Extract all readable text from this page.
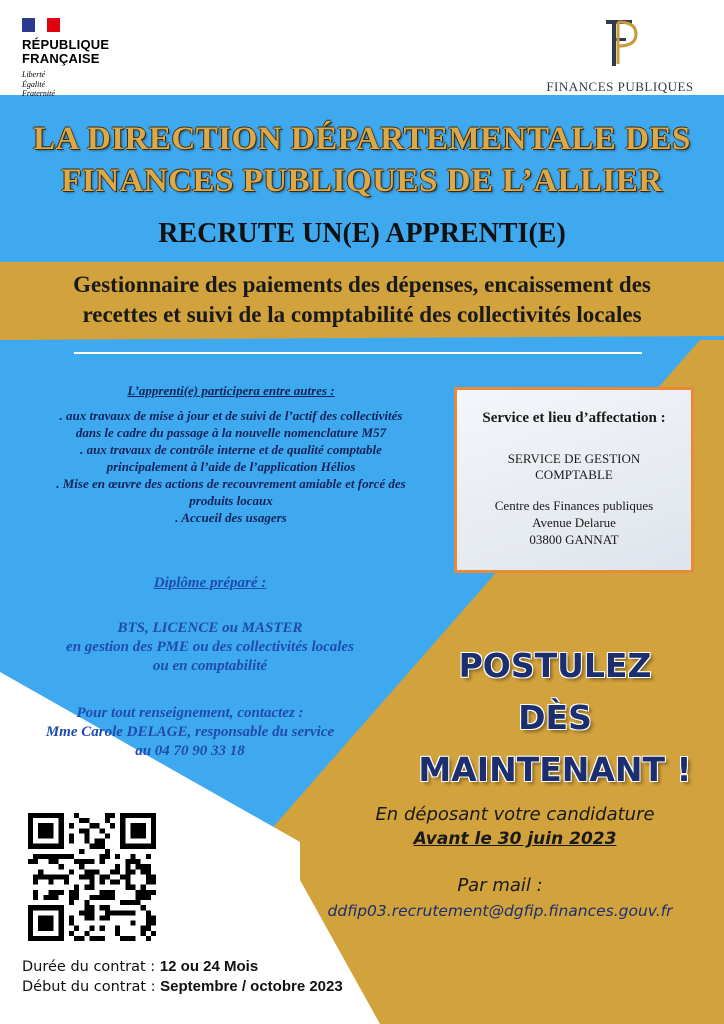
RÉPUBLIQUE
FRANÇAISE
Liberté
Égalité
Fraternité	FINANCES PUBLIQUES
LA DIRECTION DÉPARTEMENTALE DES
FINANCES PUBLIQUES DE L’ALLIER
RECRUTE UN(E) APPRENTI(E)
Gestionnaire des paiements des dépenses, encaissement des
recettes et suivi de la comptabilité des collectivités locales
L’apprenti(e) participera entre autres :
. aux travaux de mise à jour et de suivi de l’actif des collectivités
dans le cadre du passage à la nouvelle nomenclature M57
. aux travaux de contrôle interne et de qualité comptable
principalement à l’aide de l’application Hélios
. Mise en œuvre des actions de recouvrement amiable et forcé des
produits locaux
. Accueil des usagers
Service et lieu d’affectation :
SERVICE DE GESTION
COMPTABLE
Centre des Finances publiques
Avenue Delarue
03800 GANNAT
Diplôme préparé :
BTS, LICENCE ou MASTER
en gestion des PME ou des collectivités locales
ou en comptabilité
Pour tout renseignement, contactez :
Mme Carole DELAGE, responsable du service
au 04 70 90 33 18
POSTULEZ
DÈS
MAINTENANT !
En déposant votre candidature
Avant le 30 juin 2023
Par mail :
ddfip03.recrutement@dgfip.finances.gouv.fr
Durée du contrat : 12 ou 24 Mois
Début du contrat : Septembre / octobre 2023
